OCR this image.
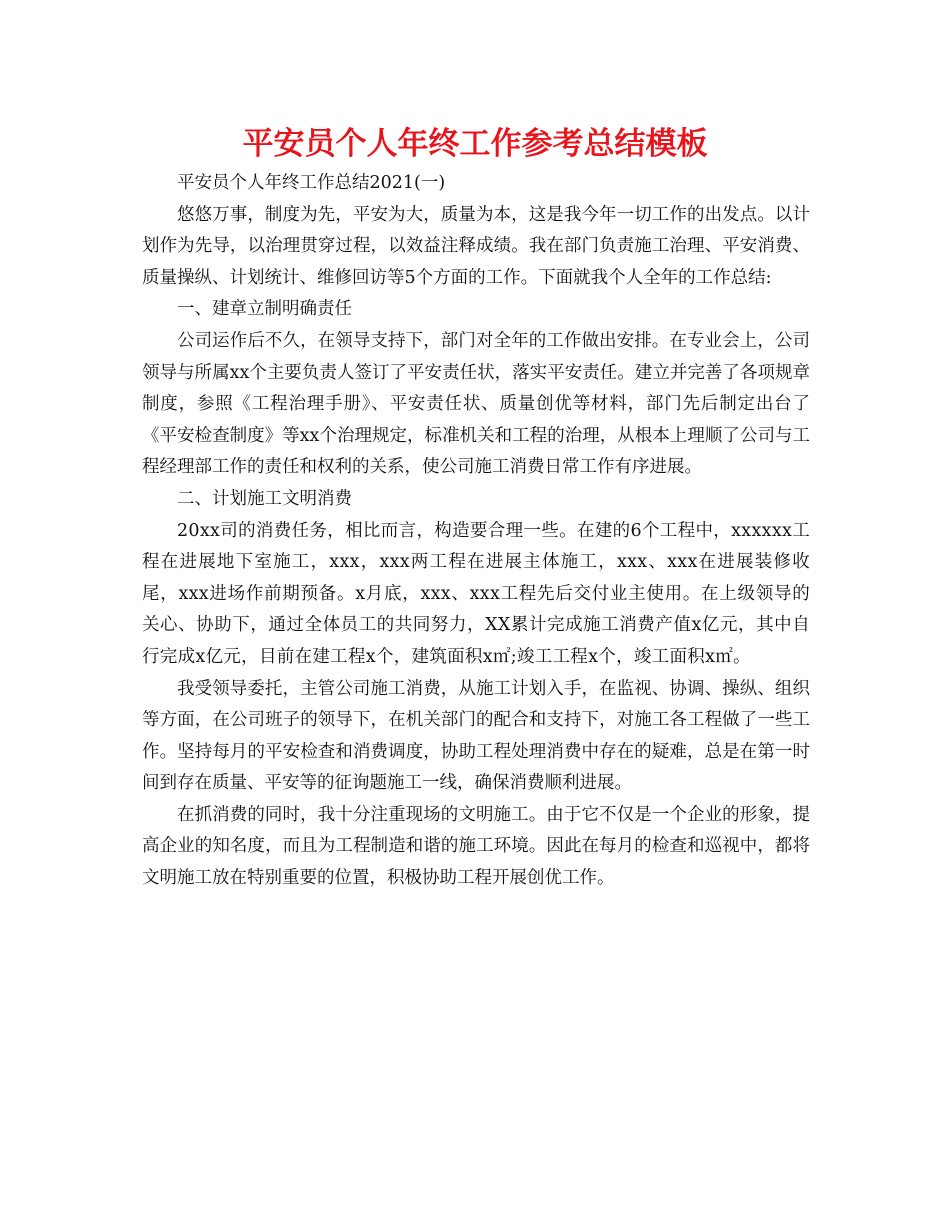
平安员个人年终工作参考总结模板

平安员个人年终工作总结2021(一)

悠悠万事，制度为先，平安为大，质量为本，这是我今年一切工作的出发点。以计划作为先导，以治理贯穿过程，以效益注释成绩。我在部门负责施工治理、平安消费、质量操纵、计划统计、维修回访等5个方面的工作。下面就我个人全年的工作总结:

一、建章立制明确责任

公司运作后不久，在领导支持下，部门对全年的工作做出安排。在专业会上，公司领导与所属xx个主要负责人签订了平安责任状，落实平安责任。建立并完善了各项规章制度，参照《工程治理手册》、平安责任状、质量创优等材料，部门先后制定出台了《平安检查制度》等xx个治理规定，标准机关和工程的治理，从根本上理顺了公司与工程经理部工作的责任和权利的关系，使公司施工消费日常工作有序进展。

二、计划施工文明消费

20xx司的消费任务，相比而言，构造要合理一些。在建的6个工程中，xxxxxx工程在进展地下室施工，xxx，xxx两工程在进展主体施工，xxx、xxx在进展装修收尾，xxx进场作前期预备。x月底，xxx、xxx工程先后交付业主使用。在上级领导的关心、协助下，通过全体员工的共同努力，XX累计完成施工消费产值x亿元，其中自行完成x亿元，目前在建工程x个，建筑面积x㎡;竣工工程x个，竣工面积x㎡。

我受领导委托，主管公司施工消费，从施工计划入手，在监视、协调、操纵、组织等方面，在公司班子的领导下，在机关部门的配合和支持下，对施工各工程做了一些工作。坚持每月的平安检查和消费调度，协助工程处理消费中存在的疑难，总是在第一时间到存在质量、平安等的征询题施工一线，确保消费顺利进展。

在抓消费的同时，我十分注重现场的文明施工。由于它不仅是一个企业的形象，提高企业的知名度，而且为工程制造和谐的施工环境。因此在每月的检查和巡视中，都将文明施工放在特别重要的位置，积极协助工程开展创优工作。
